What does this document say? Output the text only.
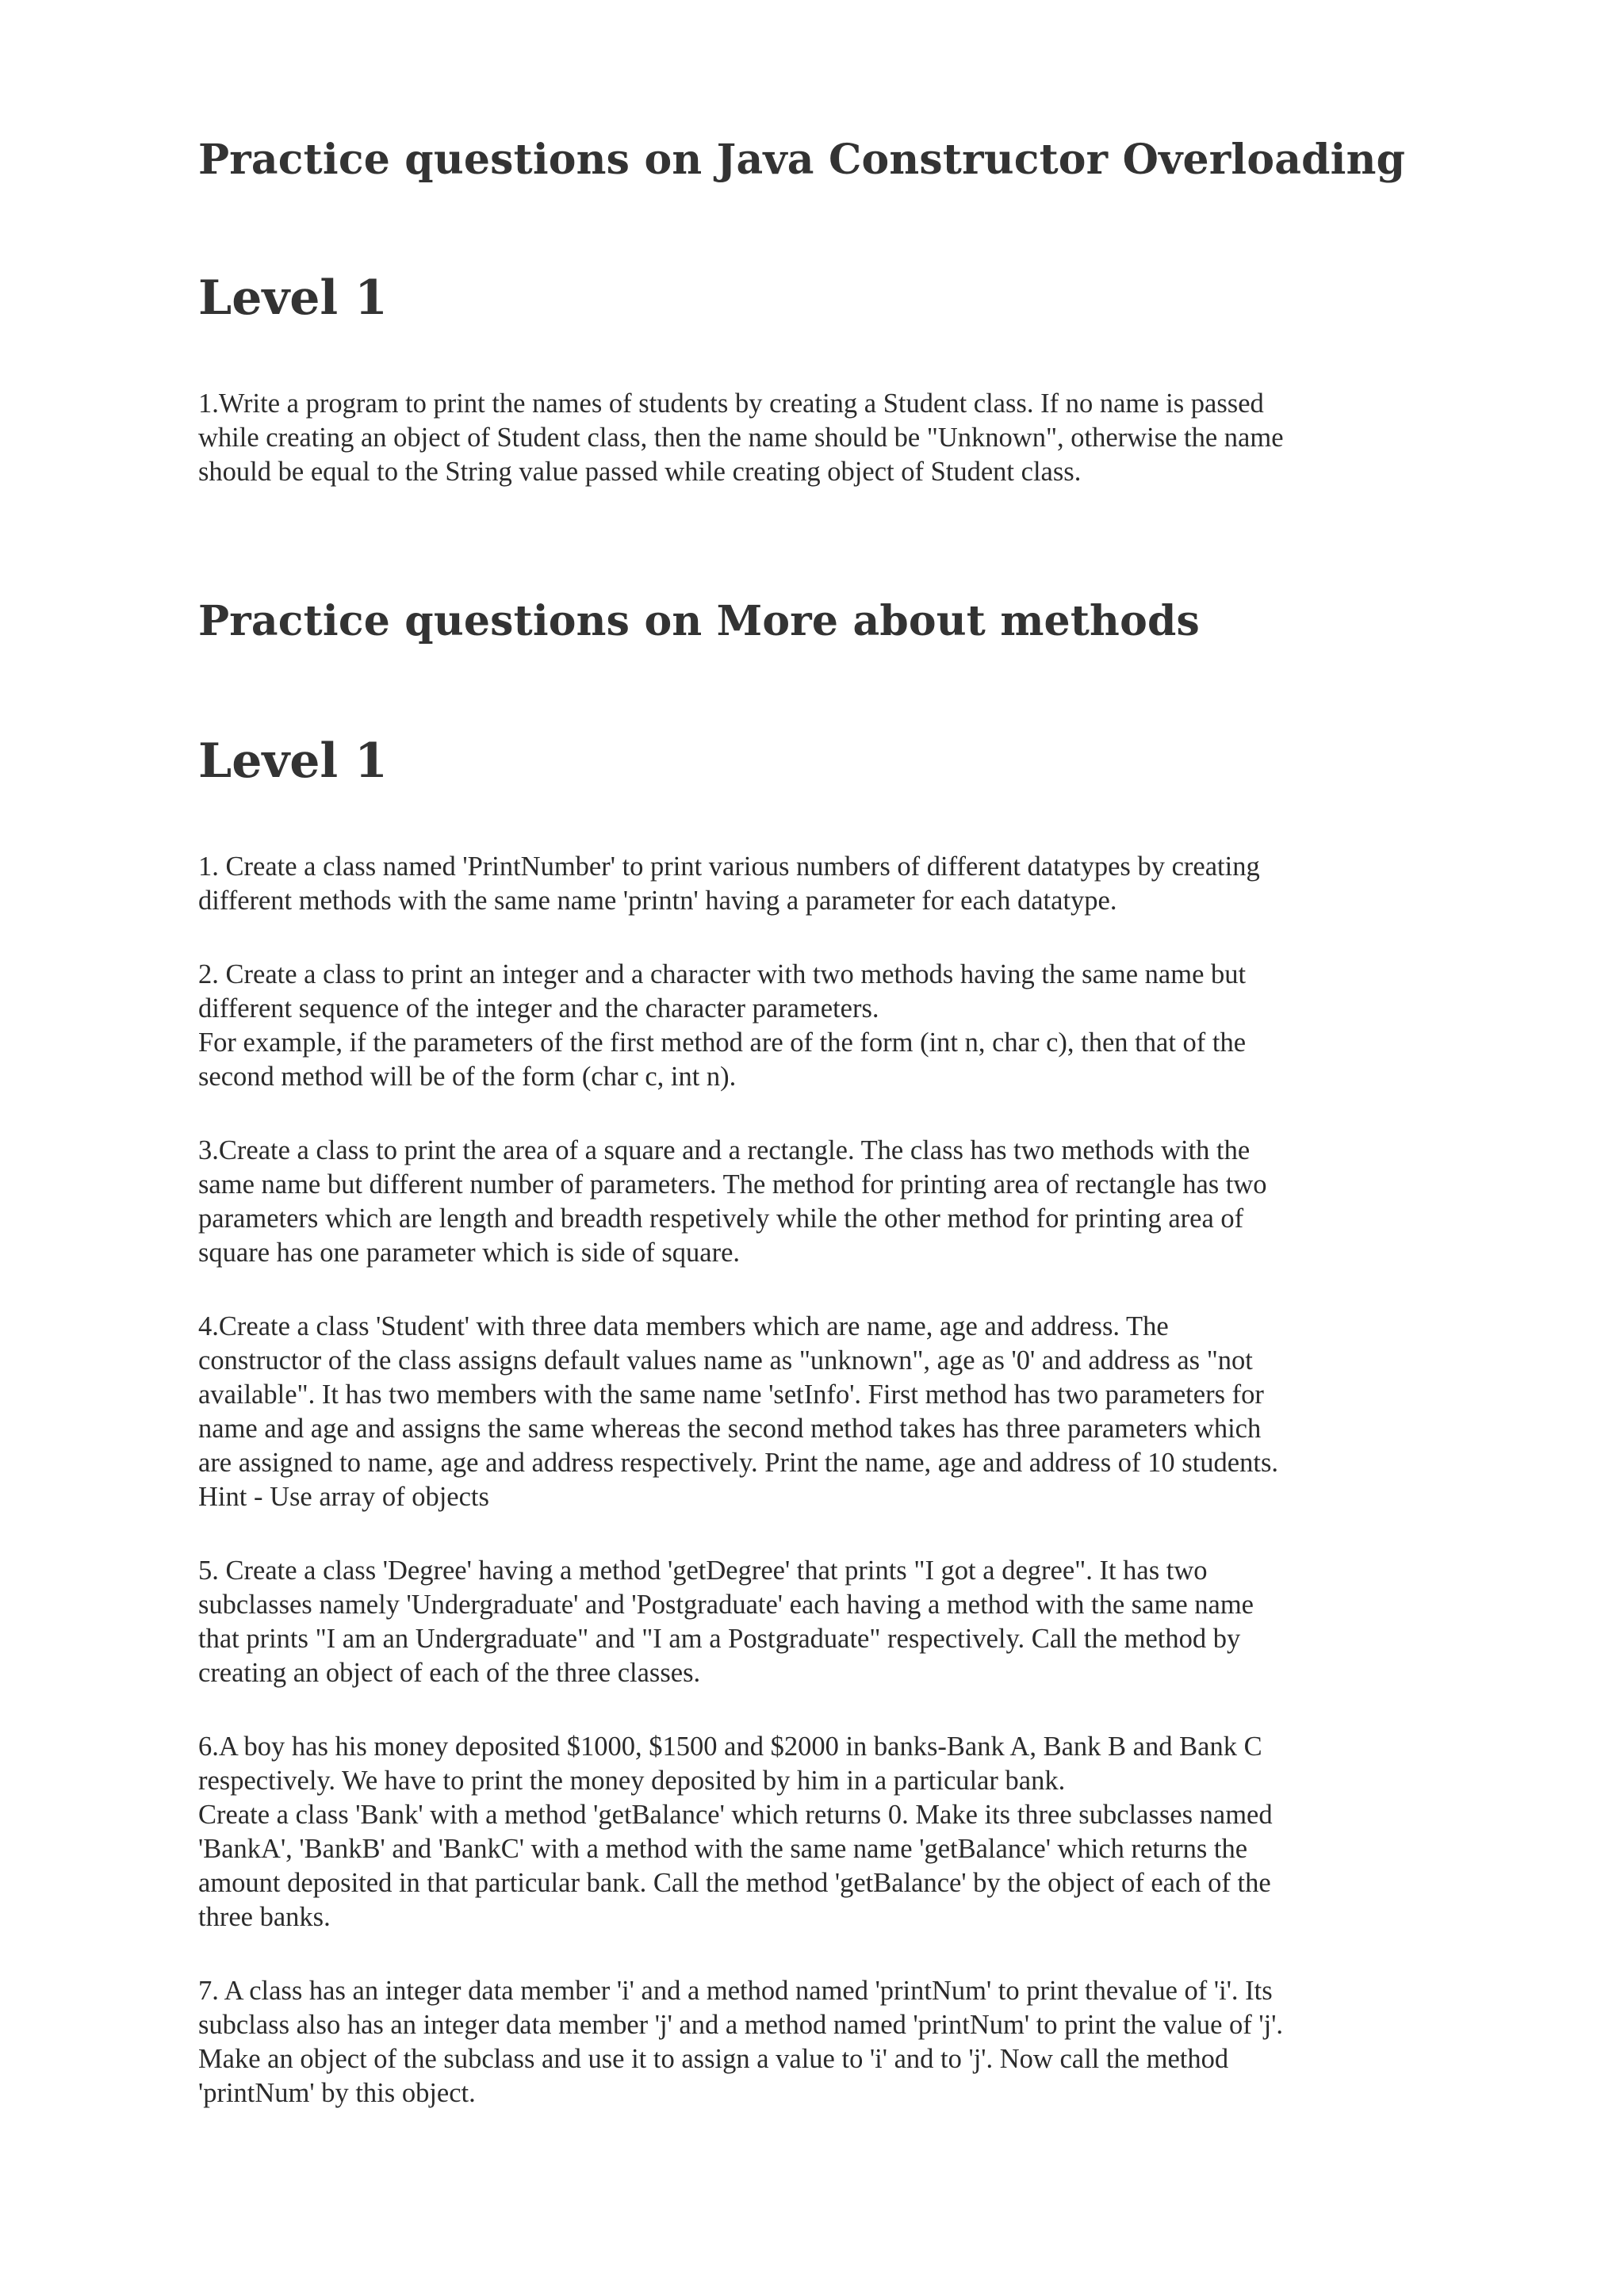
Practice questions on Java Constructor Overloading
Level 1

1.Write a program to print the names of students by creating a Student class. If no name is passed
while creating an object of Student class, then the name should be "Unknown", otherwise the name
should be equal to the String value passed while creating object of Student class.

Practice questions on More about methods
Level 1

1. Create a class named 'PrintNumber' to print various numbers of different datatypes by creating
different methods with the same name 'printn' having a parameter for each datatype.

2. Create a class to print an integer and a character with two methods having the same name but
different sequence of the integer and the character parameters.
For example, if the parameters of the first method are of the form (int n, char c), then that of the
second method will be of the form (char c, int n).

3.Create a class to print the area of a square and a rectangle. The class has two methods with the
same name but different number of parameters. The method for printing area of rectangle has two
parameters which are length and breadth respetively while the other method for printing area of
square has one parameter which is side of square.

4.Create a class 'Student' with three data members which are name, age and address. The
constructor of the class assigns default values name as "unknown", age as '0' and address as "not
available". It has two members with the same name 'setInfo'. First method has two parameters for
name and age and assigns the same whereas the second method takes has three parameters which
are assigned to name, age and address respectively. Print the name, age and address of 10 students.
Hint - Use array of objects

5. Create a class 'Degree' having a method 'getDegree' that prints "I got a degree". It has two
subclasses namely 'Undergraduate' and 'Postgraduate' each having a method with the same name
that prints "I am an Undergraduate" and "I am a Postgraduate" respectively. Call the method by
creating an object of each of the three classes.

6.A boy has his money deposited $1000, $1500 and $2000 in banks-Bank A, Bank B and Bank C
respectively. We have to print the money deposited by him in a particular bank.
Create a class 'Bank' with a method 'getBalance' which returns 0. Make its three subclasses named
'BankA', 'BankB' and 'BankC' with a method with the same name 'getBalance' which returns the
amount deposited in that particular bank. Call the method 'getBalance' by the object of each of the
three banks.

7. A class has an integer data member 'i' and a method named 'printNum' to print thevalue of 'i'. Its
subclass also has an integer data member 'j' and a method named 'printNum' to print the value of 'j'.
Make an object of the subclass and use it to assign a value to 'i' and to 'j'. Now call the method
'printNum' by this object.
